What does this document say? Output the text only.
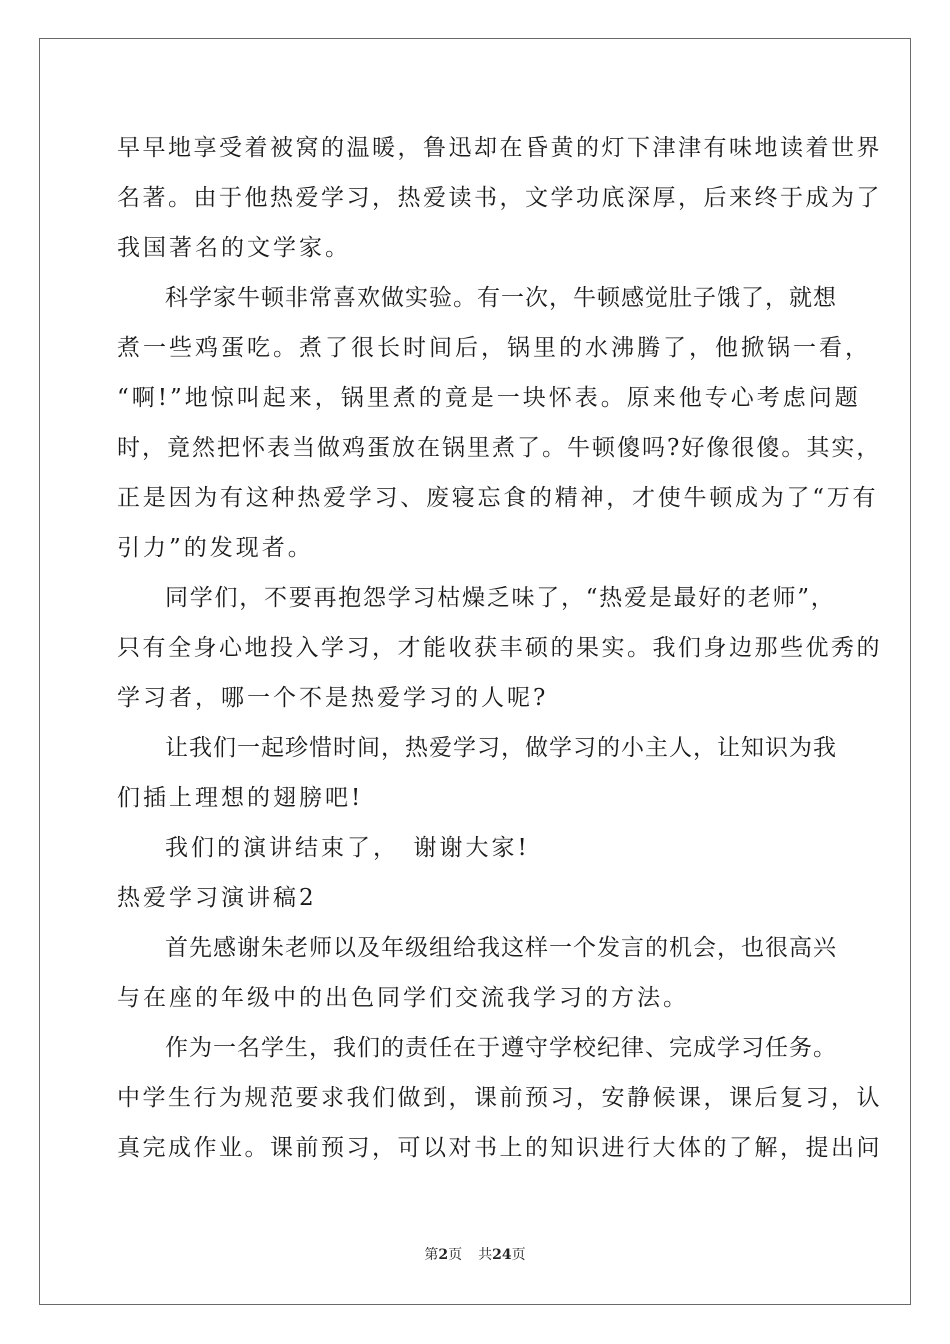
早早地享受着被窝的温暖，鲁迅却在昏黄的灯下津津有味地读着世界
名著。由于他热爱学习，热爱读书，文学功底深厚，后来终于成为了
我国著名的文学家。
科学家牛顿非常喜欢做实验。有一次，牛顿感觉肚子饿了，就想
煮一些鸡蛋吃。煮了很长时间后，锅里的水沸腾了，他掀锅一看，
“啊!”地惊叫起来，锅里煮的竟是一块怀表。原来他专心考虑问题
时，竟然把怀表当做鸡蛋放在锅里煮了。牛顿傻吗?好像很傻。其实，
正是因为有这种热爱学习、废寝忘食的精神，才使牛顿成为了“万有
引力”的发现者。
同学们，不要再抱怨学习枯燥乏味了，“热爱是最好的老师”，
只有全身心地投入学习，才能收获丰硕的果实。我们身边那些优秀的
学习者，哪一个不是热爱学习的人呢?
让我们一起珍惜时间，热爱学习，做学习的小主人，让知识为我
们插上理想的翅膀吧!
我们的演讲结束了，　谢谢大家!
热爱学习演讲稿2
首先感谢朱老师以及年级组给我这样一个发言的机会，也很高兴
与在座的年级中的出色同学们交流我学习的方法。
作为一名学生，我们的责任在于遵守学校纪律、完成学习任务。
中学生行为规范要求我们做到，课前预习，安静候课，课后复习，认
真完成作业。课前预习，可以对书上的知识进行大体的了解，提出问
第2页 共24页
